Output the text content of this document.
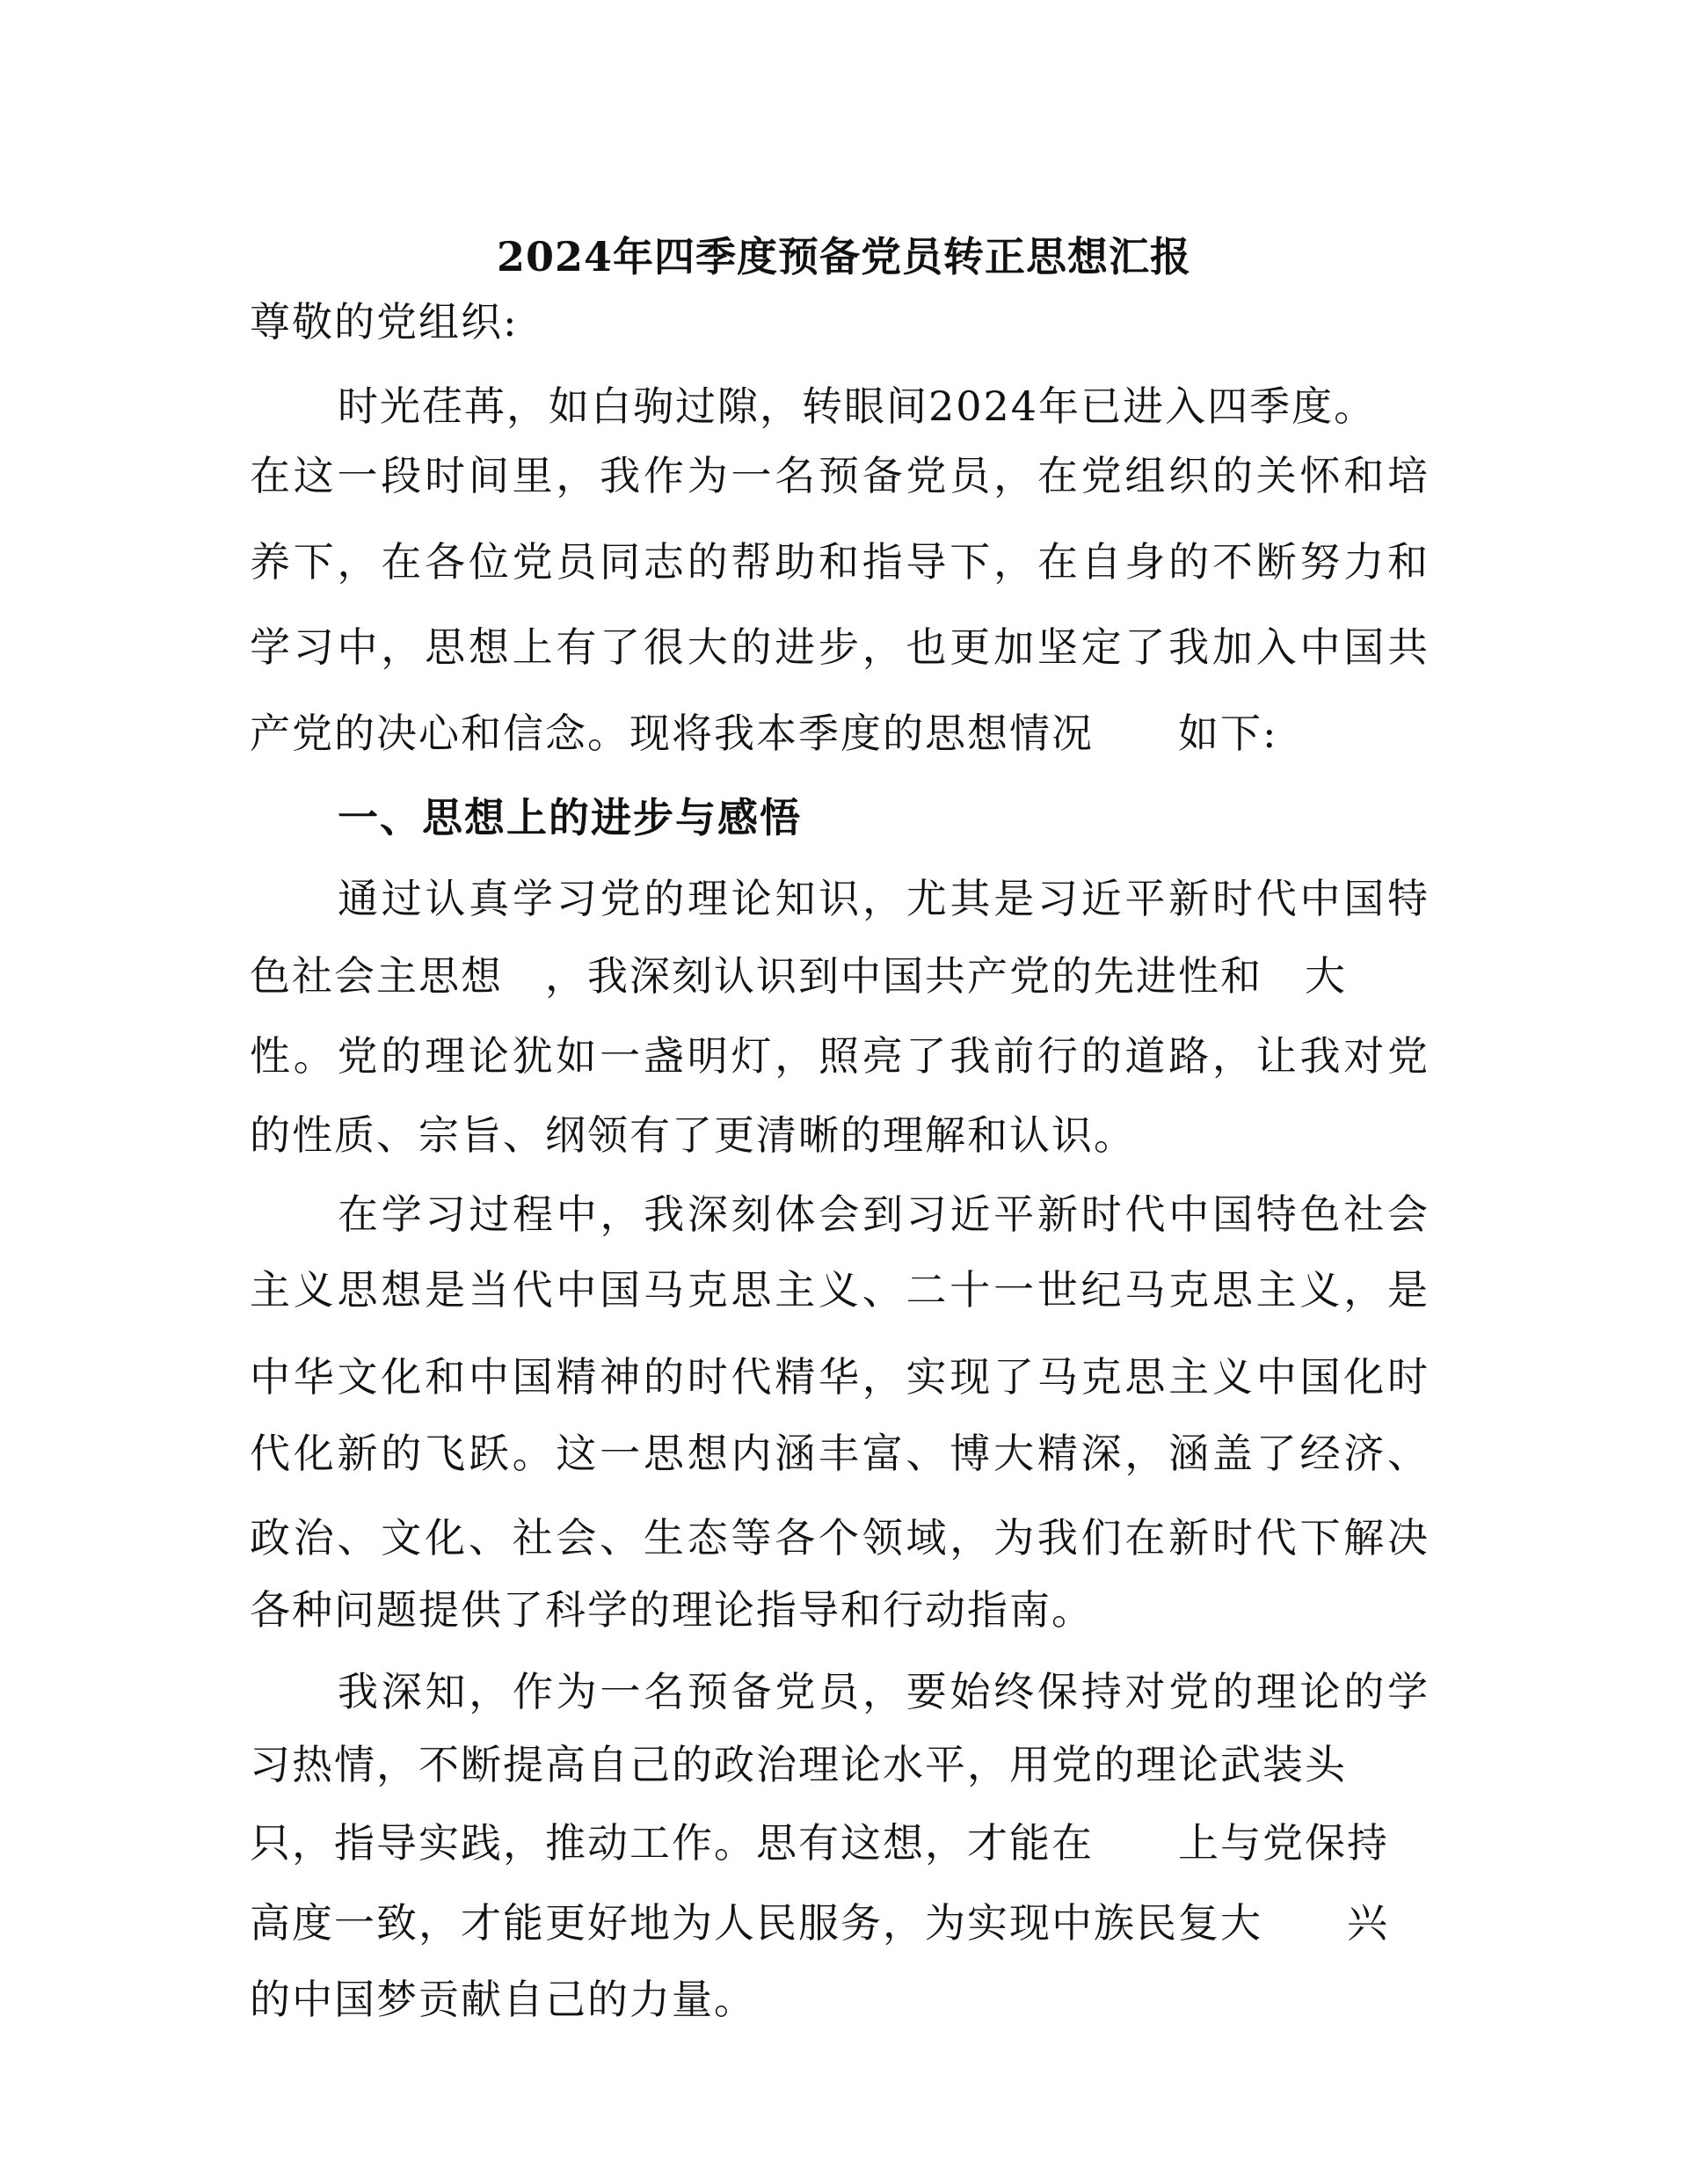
2024年四季度预备党员转正思想汇报
尊敬的党组织:
时光荏苒，如白驹过隙，转眼间2024年已进入四季度。
在这一段时间里，我作为一名预备党员，在党组织的关怀和培
养下，在各位党员同志的帮助和指导下，在自身的不断努力和
学习中，思想上有了很大的进步，也更加坚定了我加入中国共
产党的决心和信念。现将我本季度的思想情况　　如下:
一、思想上的进步与感悟
通过认真学习党的理论知识，尤其是习近平新时代中国特
色社会主思想　，我深刻认识到中国共产党的先进性和　大
性。党的理论犹如一盏明灯，照亮了我前行的道路，让我对党
的性质、宗旨、纲领有了更清晰的理解和认识。
在学习过程中，我深刻体会到习近平新时代中国特色社会
主义思想是当代中国马克思主义、二十一世纪马克思主义，是
中华文化和中国精神的时代精华，实现了马克思主义中国化时
代化新的飞跃。这一思想内涵丰富、博大精深，涵盖了经济、
政治、文化、社会、生态等各个领域，为我们在新时代下解决
各种问题提供了科学的理论指导和行动指南。
我深知，作为一名预备党员，要始终保持对党的理论的学
习热情，不断提高自己的政治理论水平，用党的理论武装头
只，指导实践，推动工作。思有这想，才能在　　上与党保持
高度一致，才能更好地为人民服务，为实现中族民复大　　兴
的中国梦贡献自己的力量。
